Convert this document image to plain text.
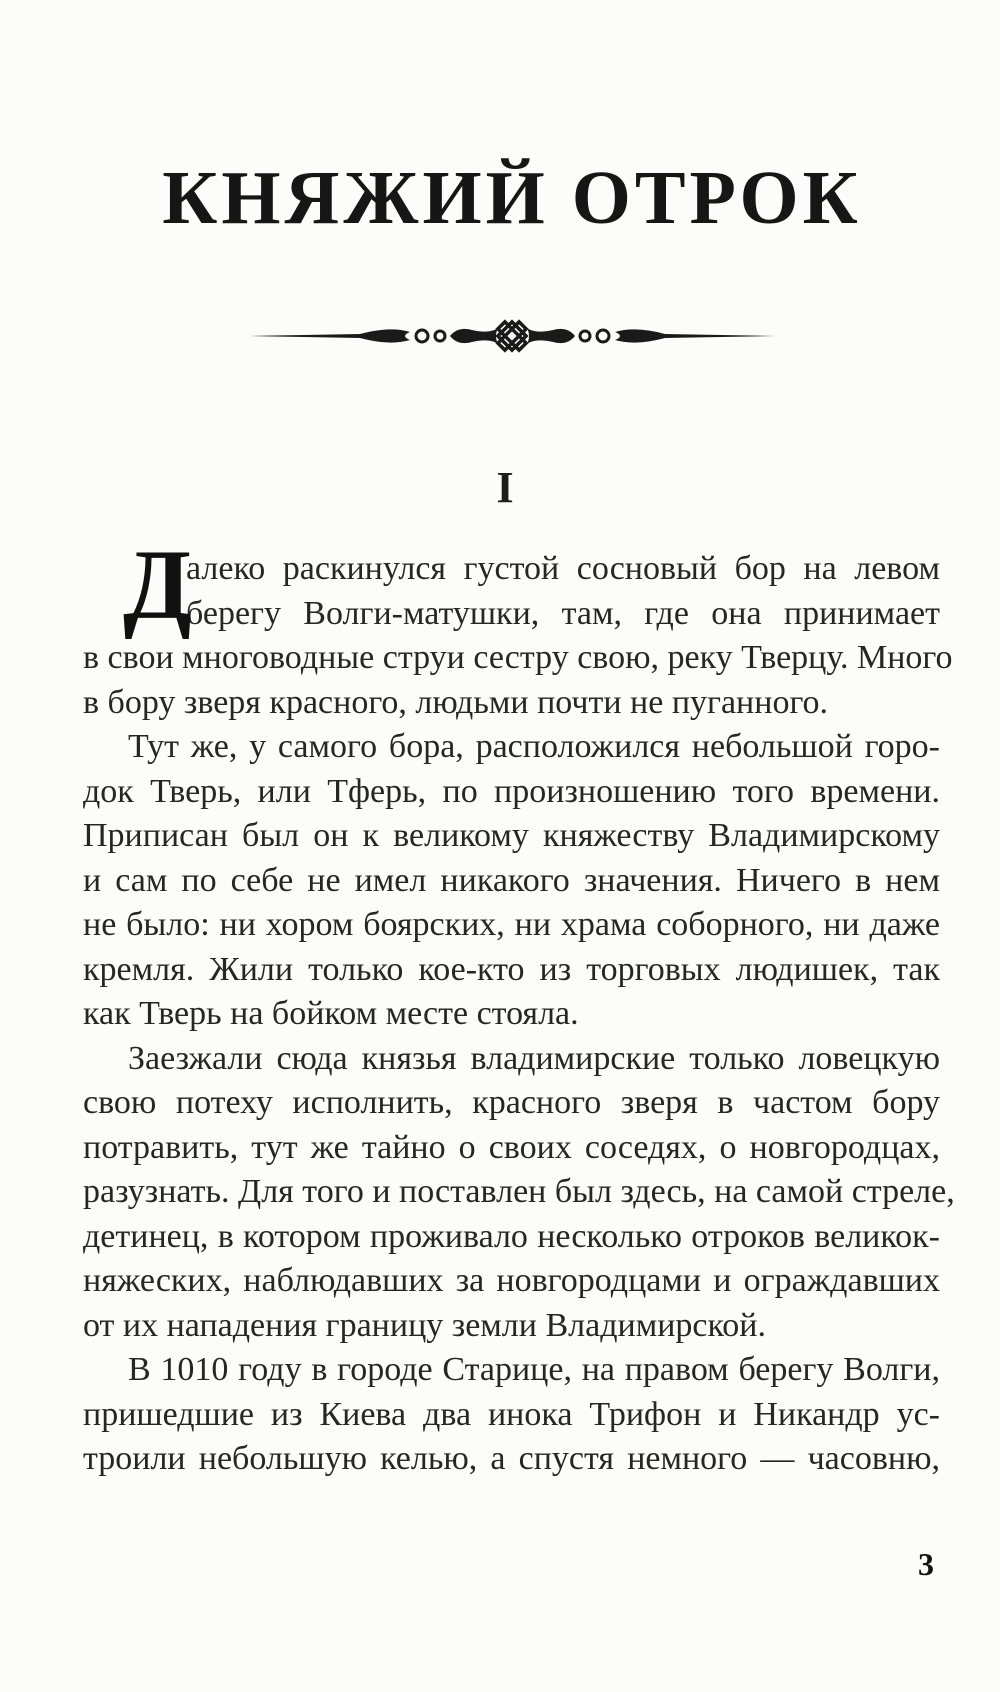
КНЯЖИЙ ОТРОК
I
Д
алеко раскинулся густой сосновый бор на левом
берегу Волги-матушки, там, где она принимает
в свои многоводные струи сестру свою, реку Тверцу. Много
в бору зверя красного, людьми почти не пуганного.
Тут же, у самого бора, расположился небольшой горо-
док Тверь, или Тферь, по произношению того времени.
Приписан был он к великому княжеству Владимирскому
и сам по себе не имел никакого значения. Ничего в нем
не было: ни хором боярских, ни храма соборного, ни даже
кремля. Жили только кое-кто из торговых людишек, так
как Тверь на бойком месте стояла.
Заезжали сюда князья владимирские только ловецкую
свою потеху исполнить, красного зверя в частом бору
потравить, тут же тайно о своих соседях, о новгородцах,
разузнать. Для того и поставлен был здесь, на самой стреле,
детинец, в котором проживало несколько отроков великок-
няжеских, наблюдавших за новгородцами и ограждавших
от их нападения границу земли Владимирской.
В 1010 году в городе Старице, на правом берегу Волги,
пришедшие из Киева два инока Трифон и Никандр ус-
троили небольшую келью, а спустя немного — часовню,
3
